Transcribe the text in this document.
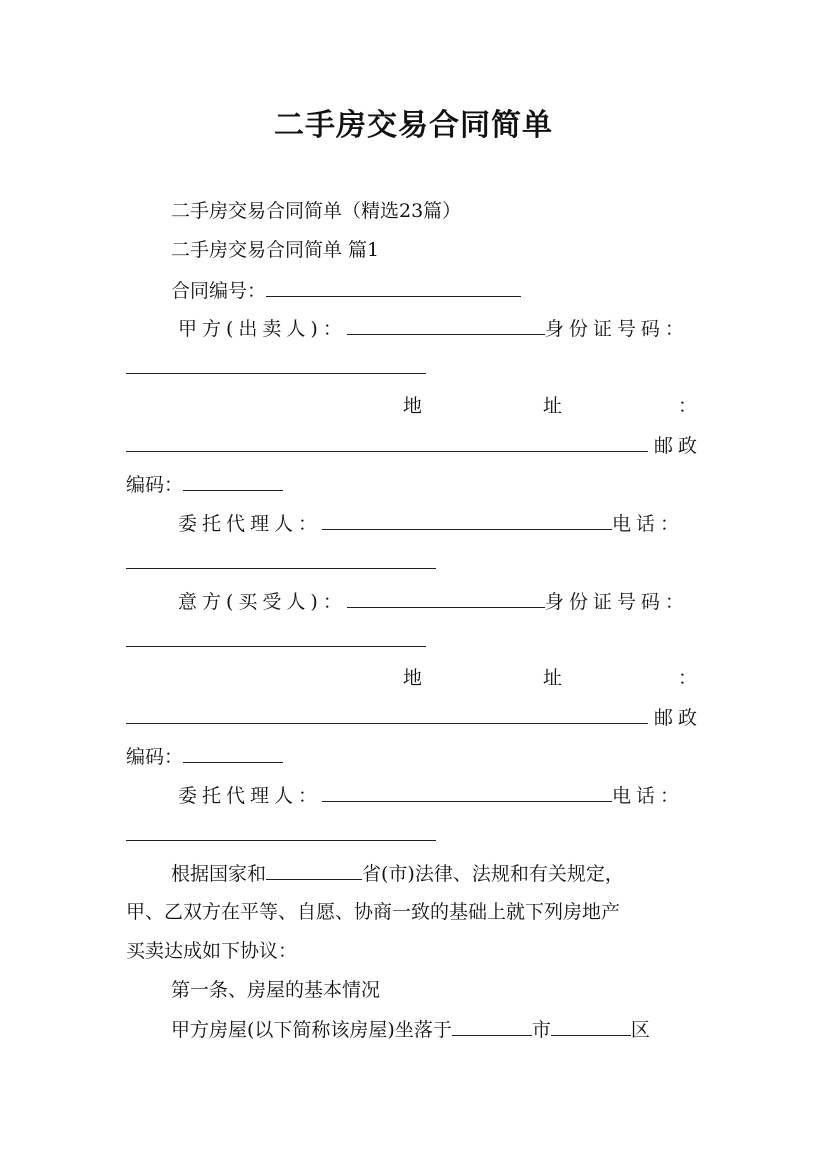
二手房交易合同简单
二手房交易合同简单（精选23篇）
二手房交易合同简单 篇1
合同编号：
甲方(出卖人)：	身份证号码：
地	址	：
邮政
编码：
委托代理人：	电话：
意方(买受人)：	身份证号码：
地	址	：
邮政
编码：
委托代理人：	电话：
根据国家和	省(市)法律、法规和有关规定，
甲、乙双方在平等、自愿、协商一致的基础上就下列房地产
买卖达成如下协议：
第一条、房屋的基本情况
甲方房屋(以下简称该房屋)坐落于	市	区
